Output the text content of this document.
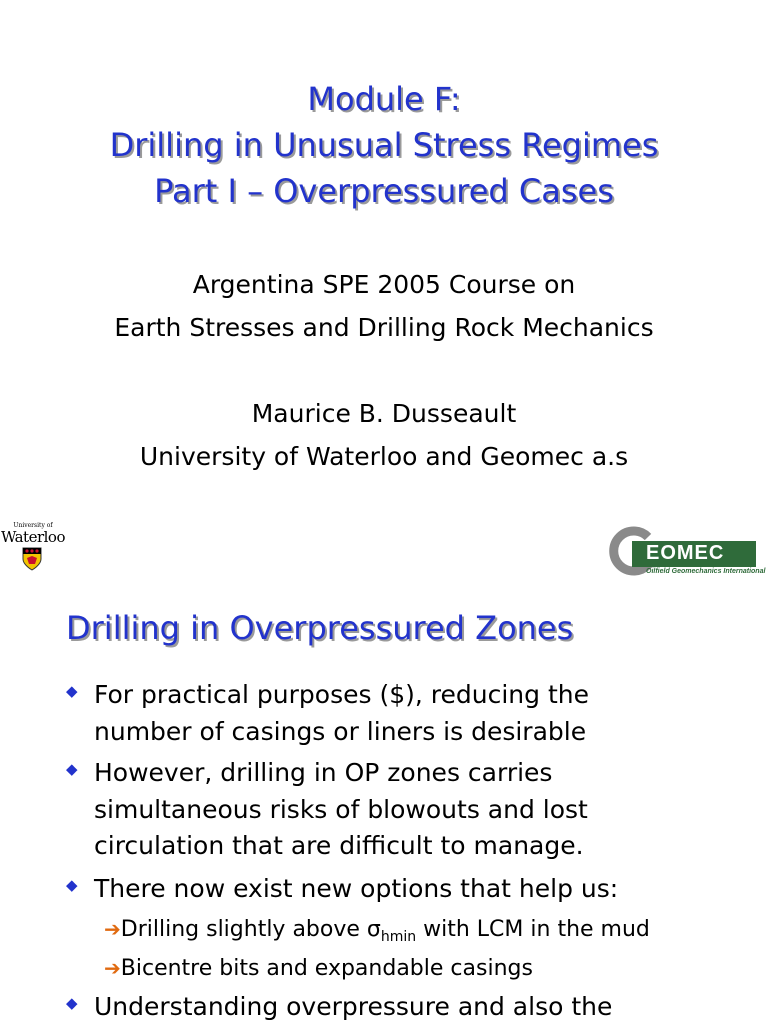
Module F:
Drilling in Unusual Stress Regimes
Part I – Overpressured Cases
Argentina SPE 2005 Course on
Earth Stresses and Drilling Rock Mechanics
Maurice B. Dusseault
University of Waterloo and Geomec a.s
University of
Waterloo
EOMEC
Oilfield Geomechanics International
Drilling in Overpressured Zones
◆ For practical purposes ($), reducing the
number of casings or liners is desirable
◆ However, drilling in OP zones carries
simultaneous risks of blowouts and lost
circulation that are difficult to manage.
◆ There now exist new options that help us:
➔Drilling slightly above $\sigma_{hmin}$ with LCM in the mud
➔Bicentre bits and expandable casings
◆ Understanding overpressure and also the
